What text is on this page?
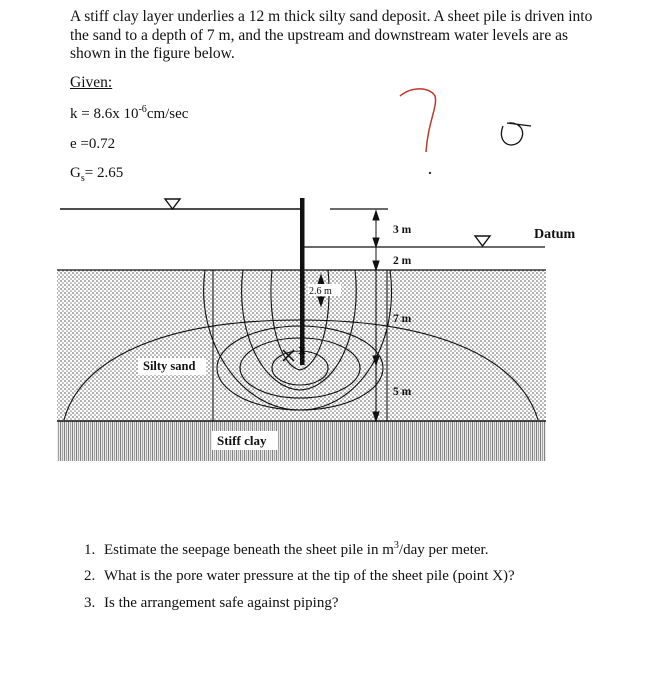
A stiff clay layer underlies a 12 m thick silty sand deposit. A sheet pile is driven into the sand to a depth of 7 m, and the upstream and downstream water levels are as shown in the figure below.

Given:
k = 8.6x $10^{-6}cm/\sec$
e =0.72
$G_s= 2.65$
7 0
X
3 m
2 m
7 m
5 m
2.6 m
Datum
Silty sand
Stiff clay
1. Estimate the seepage beneath the sheet pile in $m^3$/day per meter.
2. What is the pore water pressure at the tip of the sheet pile (point X)?
3. Is the arrangement safe against piping?
